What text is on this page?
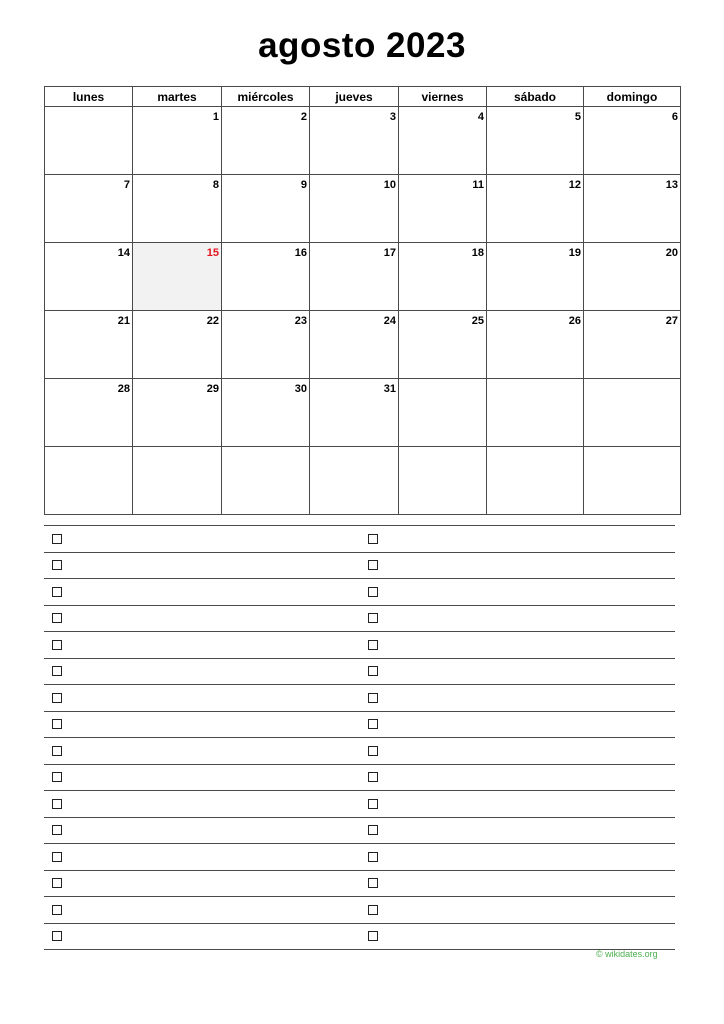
agosto 2023
lunes	martes	miércoles	jueves	viernes	sábado	domingo
	1	2	3	4	5	6
7	8	9	10	11	12	13
14	15	16	17	18	19	20
21	22	23	24	25	26	27
28	29	30	31			

© wikidates.org
